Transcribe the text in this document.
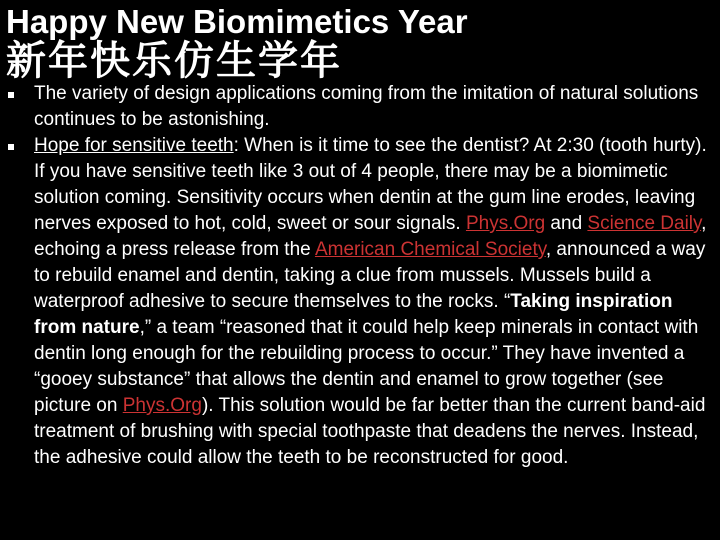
Happy New Biomimetics Year
新年快乐仿生学年
The variety of design applications coming from the imitation of natural solutions continues to be astonishing.
Hope for sensitive teeth: When is it time to see the dentist? At 2:30 (tooth hurty). If you have sensitive teeth like 3 out of 4 people, there may be a biomimetic solution coming. Sensitivity occurs when dentin at the gum line erodes, leaving nerves exposed to hot, cold, sweet or sour signals. Phys.Org and Science Daily, echoing a press release from the American Chemical Society, announced a way to rebuild enamel and dentin, taking a clue from mussels. Mussels build a waterproof adhesive to secure themselves to the rocks. “Taking inspiration from nature,” a team “reasoned that it could help keep minerals in contact with dentin long enough for the rebuilding process to occur.” They have invented a “gooey substance” that allows the dentin and enamel to grow together (see picture on Phys.Org). This solution would be far better than the current band-aid treatment of brushing with special toothpaste that deadens the nerves. Instead, the adhesive could allow the teeth to be reconstructed for good.
